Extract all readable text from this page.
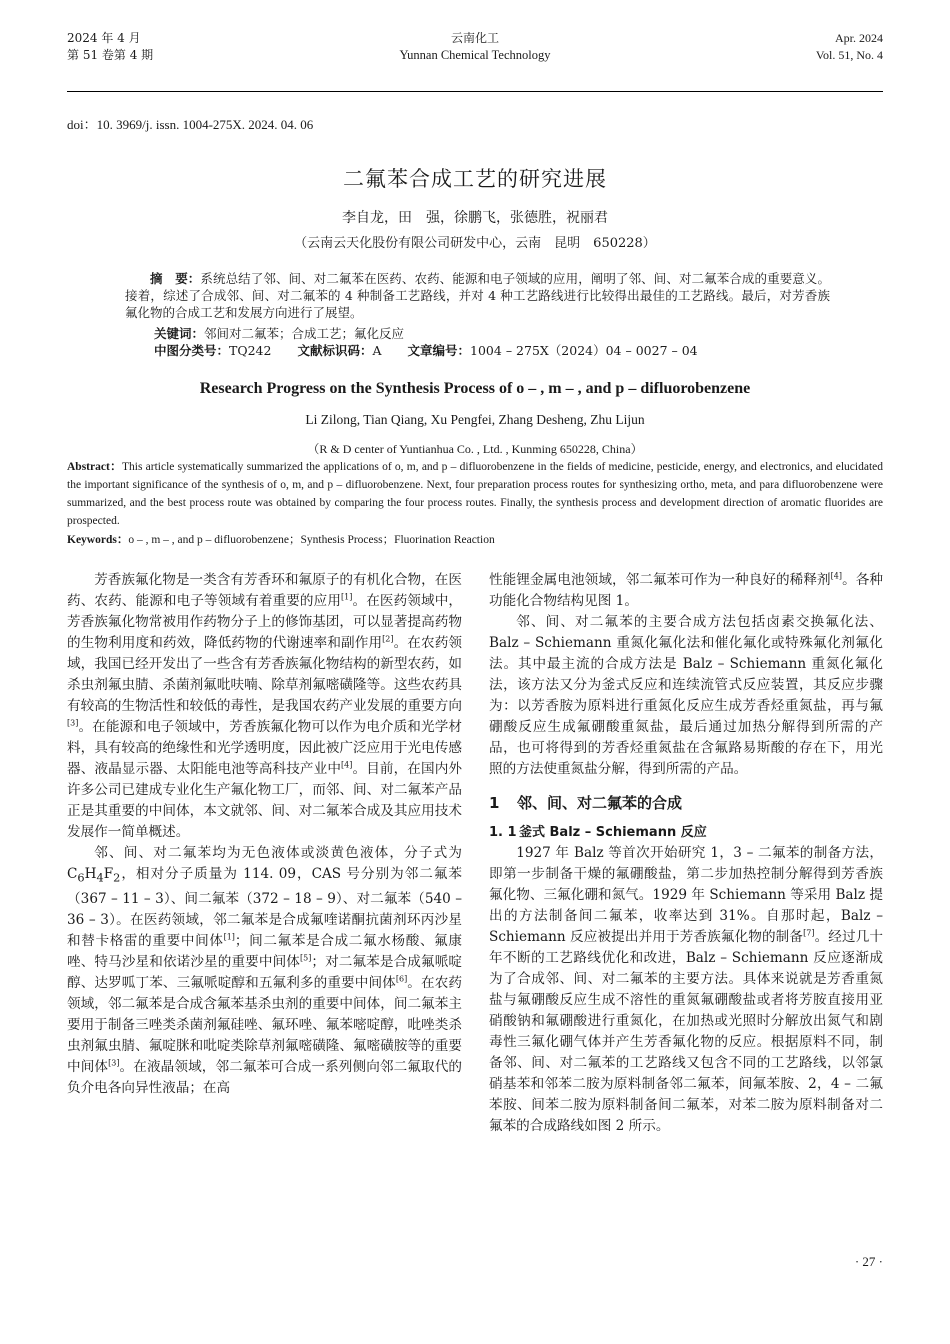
2024 年 4 月
第 51 卷第 4 期
云南化工
Yunnan Chemical Technology
Apr. 2024
Vol. 51, No. 4
doi：10. 3969/j. issn. 1004-275X. 2024. 04. 06
二氟苯合成工艺的研究进展
李自龙，田　强，徐鹏飞，张德胜，祝丽君
（云南云天化股份有限公司研发中心，云南　昆明　650228）
摘　要：系统总结了邻、间、对二氟苯在医药、农药、能源和电子领域的应用，阐明了邻、间、对二氟苯合成的重要意义。接着，综述了合成邻、间、对二氟苯的 4 种制备工艺路线，并对 4 种工艺路线进行比较得出最佳的工艺路线。最后，对芳香族氟化物的合成工艺和发展方向进行了展望。
关键词：邻间对二氟苯；合成工艺；氟化反应
中图分类号：TQ242 文献标识码：A 文章编号：1004 – 275X（2024）04 – 0027 – 04
Research Progress on the Synthesis Process of o – , m – , and p – difluorobenzene
Li Zilong, Tian Qiang, Xu Pengfei, Zhang Desheng, Zhu Lijun
（R & D center of Yuntianhua Co. , Ltd. , Kunming 650228, China）
Abstract：This article systematically summarized the applications of o, m, and p – difluorobenzene in the fields of medicine, pesticide, energy, and electronics, and elucidated the important significance of the synthesis of o, m, and p – difluorobenzene. Next, four preparation process routes for synthesizing ortho, meta, and para difluorobenzene were summarized, and the best process route was obtained by comparing the four process routes. Finally, the synthesis process and development direction of aromatic fluorides are prospected.
Keywords：o – , m – , and p – difluorobenzene；Synthesis Process；Fluorination Reaction

芳香族氟化物是一类含有芳香环和氟原子的有机化合物，在医药、农药、能源和电子等领域有着重要的应用[1]。在医药领域中，芳香族氟化物常被用作药物分子上的修饰基团，可以显著提高药物的生物利用度和药效，降低药物的代谢速率和副作用[2]。在农药领域，我国已经开发出了一些含有芳香族氟化物结构的新型农药，如杀虫剂氟虫腈、杀菌剂氟吡呋喃、除草剂氟嘧磺隆等。这些农药具有较高的生物活性和较低的毒性，是我国农药产业发展的重要方向[3]。在能源和电子领域中，芳香族氟化物可以作为电介质和光学材料，具有较高的绝缘性和光学透明度，因此被广泛应用于光电传感器、液晶显示器、太阳能电池等高科技产业中[4]。目前，在国内外许多公司已建成专业化生产氟化物工厂，而邻、间、对二氟苯产品正是其重要的中间体，本文就邻、间、对二氟苯合成及其应用技术发展作一简单概述。

邻、间、对二氟苯均为无色液体或淡黄色液体，分子式为 $C_6H_4F_2$，相对分子质量为 114. 09，CAS 号分别为邻二氟苯（367 – 11 – 3）、间二氟苯（372 – 18 – 9）、对二氟苯（540 – 36 – 3）。在医药领域，邻二氟苯是合成氟喹诺酮抗菌剂环丙沙星和替卡格雷的重要中间体[1]；间二氟苯是合成二氟水杨酸、氟康唑、特马沙星和依诺沙星的重要中间体[5]；对二氟苯是合成氟哌啶醇、达罗呱丁苯、三氟哌啶醇和五氟利多的重要中间体[6]。在农药领域，邻二氟苯是合成含氟苯基杀虫剂的重要中间体，间二氟苯主要用于制备三唑类杀菌剂氟硅唑、氟环唑、氟苯嘧啶醇，吡唑类杀虫剂氟虫腈、氟啶脒和吡啶类除草剂氟嘧磺隆、氟嘧磺胺等的重要中间体[3]。在液晶领域，邻二氟苯可合成一系列侧向邻二氟取代的负介电各向异性液晶；在高

性能锂金属电池领域，邻二氟苯可作为一种良好的稀释剂[4]。各种功能化合物结构见图 1。

邻、间、对二氟苯的主要合成方法包括卤素交换氟化法、Balz – Schiemann 重氮化氟化法和催化氟化或特殊氟化剂氟化法。其中最主流的合成方法是 Balz – Schiemann 重氮化氟化法，该方法又分为釜式反应和连续流管式反应装置，其反应步骤为：以芳香胺为原料进行重氮化反应生成芳香烃重氮盐，再与氟硼酸反应生成氟硼酸重氮盐，最后通过加热分解得到所需的产品，也可将得到的芳香烃重氮盐在含氟路易斯酸的存在下，用光照的方法使重氮盐分解，得到所需的产品。

1 邻、间、对二氟苯的合成
1. 1 釜式 Balz – Schiemann 反应

1927 年 Balz 等首次开始研究 1，3 – 二氟苯的制备方法，即第一步制备干燥的氟硼酸盐，第二步加热控制分解得到芳香族氟化物、三氟化硼和氮气。1929 年 Schiemann 等采用 Balz 提出的方法制备间二氟苯，收率达到 31%。自那时起，Balz – Schiemann 反应被提出并用于芳香族氟化物的制备[7]。经过几十年不断的工艺路线优化和改进，Balz – Schiemann 反应逐渐成为了合成邻、间、对二氟苯的主要方法。具体来说就是芳香重氮盐与氟硼酸反应生成不溶性的重氮氟硼酸盐或者将芳胺直接用亚硝酸钠和氟硼酸进行重氮化，在加热或光照时分解放出氮气和剧毒性三氟化硼气体并产生芳香氟化物的反应。根据原料不同，制备邻、间、对二氟苯的工艺路线又包含不同的工艺路线，以邻氯硝基苯和邻苯二胺为原料制备邻二氟苯，间氟苯胺、2，4 – 二氟苯胺、间苯二胺为原料制备间二氟苯，对苯二胺为原料制备对二氟苯的合成路线如图 2 所示。

· 27 ·
